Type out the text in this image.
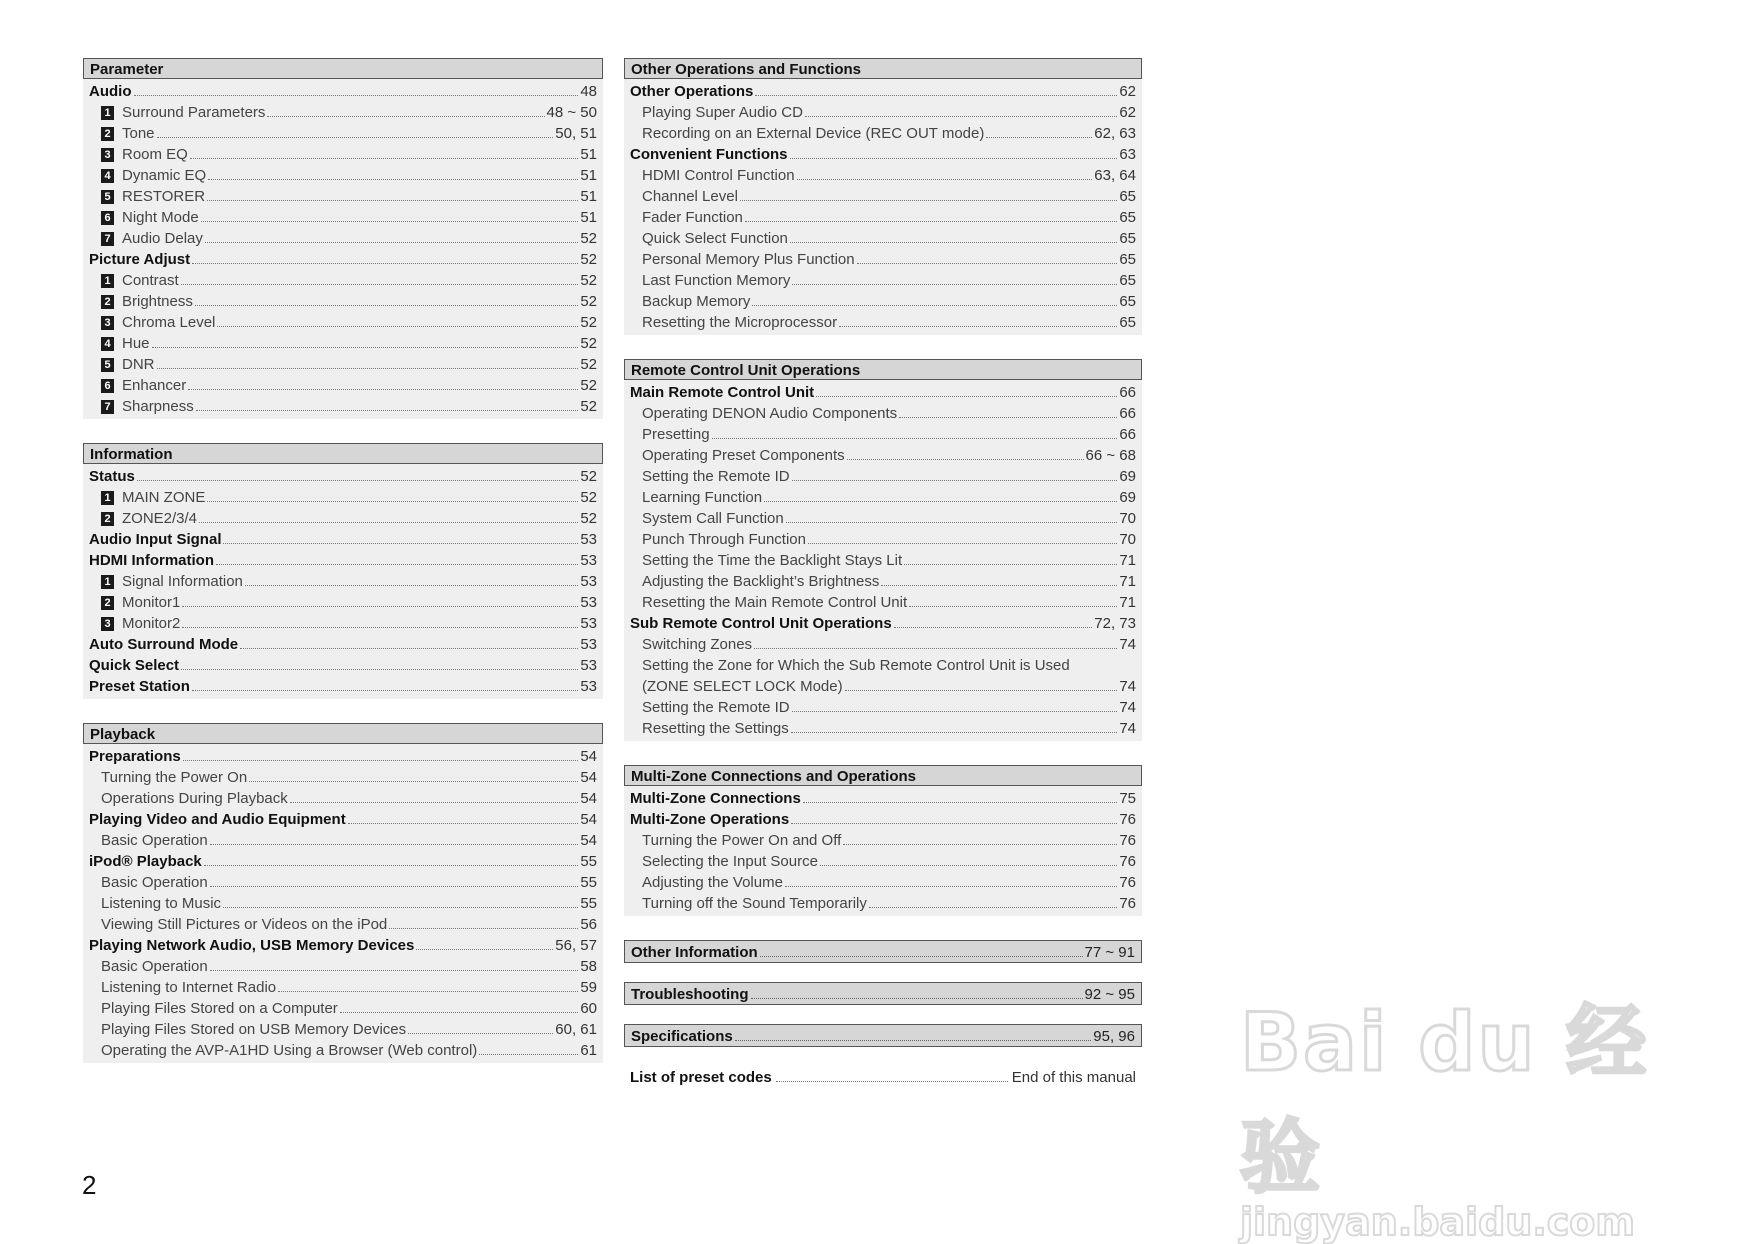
Parameter
Audio	48
1 Surround Parameters	48 ~ 50
2 Tone	50, 51
3 Room EQ	51
4 Dynamic EQ	51
5 RESTORER	51
6 Night Mode	51
7 Audio Delay	52
Picture Adjust	52
1 Contrast	52
2 Brightness	52
3 Chroma Level	52
4 Hue	52
5 DNR	52
6 Enhancer	52
7 Sharpness	52
Information
Status	52
1 MAIN ZONE	52
2 ZONE2/3/4	52
Audio Input Signal	53
HDMI Information	53
1 Signal Information	53
2 Monitor1	53
3 Monitor2	53
Auto Surround Mode	53
Quick Select	53
Preset Station	53
Playback
Preparations	54
Turning the Power On	54
Operations During Playback	54
Playing Video and Audio Equipment	54
Basic Operation	54
iPod® Playback	55
Basic Operation	55
Listening to Music	55
Viewing Still Pictures or Videos on the iPod	56
Playing Network Audio, USB Memory Devices	56, 57
Basic Operation	58
Listening to Internet Radio	59
Playing Files Stored on a Computer	60
Playing Files Stored on USB Memory Devices	60, 61
Operating the AVP-A1HD Using a Browser (Web control)	61
Other Operations and Functions
Other Operations	62
Playing Super Audio CD	62
Recording on an External Device (REC OUT mode)	62, 63
Convenient Functions	63
HDMI Control Function	63, 64
Channel Level	65
Fader Function	65
Quick Select Function	65
Personal Memory Plus Function	65
Last Function Memory	65
Backup Memory	65
Resetting the Microprocessor	65
Remote Control Unit Operations
Main Remote Control Unit	66
Operating DENON Audio Components	66
Presetting	66
Operating Preset Components	66 ~ 68
Setting the Remote ID	69
Learning Function	69
System Call Function	70
Punch Through Function	70
Setting the Time the Backlight Stays Lit	71
Adjusting the Backlight’s Brightness	71
Resetting the Main Remote Control Unit	71
Sub Remote Control Unit Operations	72, 73
Switching Zones	74
Setting the Zone for Which the Sub Remote Control Unit is Used
(ZONE SELECT LOCK Mode)	74
Setting the Remote ID	74
Resetting the Settings	74
Multi-Zone Connections and Operations
Multi-Zone Connections	75
Multi-Zone Operations	76
Turning the Power On and Off	76
Selecting the Input Source	76
Adjusting the Volume	76
Turning off the Sound Temporarily	76
Other Information	77 ~ 91
Troubleshooting	92 ~ 95
Specifications	95, 96
List of preset codes	End of this manual
2
Bai du 经验
jingyan.baidu.com
